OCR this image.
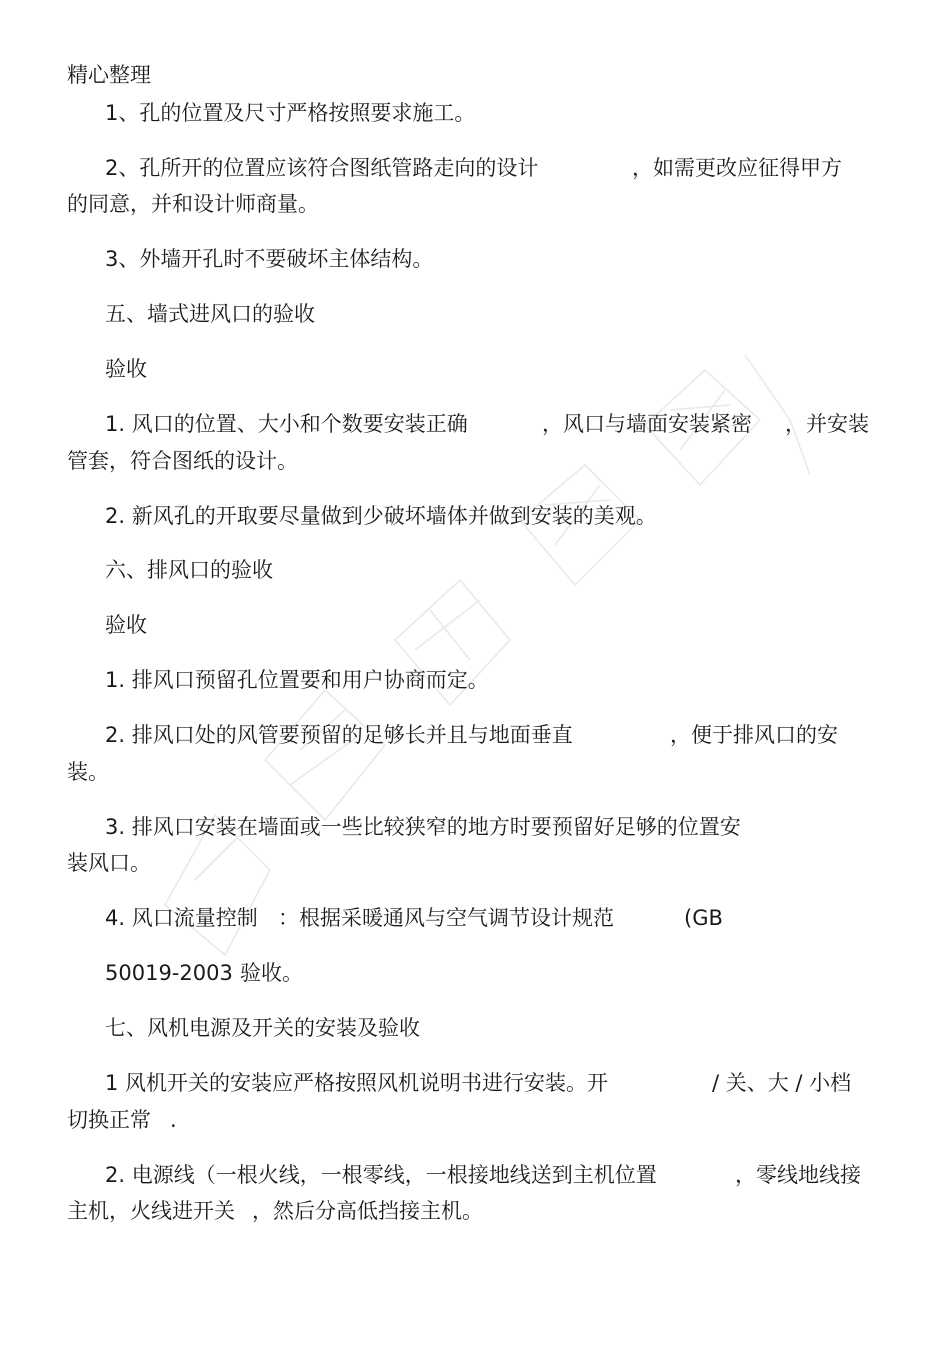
精心整理
1、孔的位置及尺寸严格按照要求施工。
2、孔所开的位置应该符合图纸管路走向的设计	，如需更改应征得甲方
的同意，并和设计师商量。
3、外墙开孔时不要破坏主体结构。
五、墙式进风口的验收
验收
1. 风口的位置、大小和个数要安装正确	，风口与墙面安装紧密 ，并安装
管套，符合图纸的设计。
2. 新风孔的开取要尽量做到少破坏墙体并做到安装的美观。
六、排风口的验收
验收
1. 排风口预留孔位置要和用户协商而定。
2. 排风口处的风管要预留的足够长并且与地面垂直	，便于排风口的安
装。
3. 排风口安装在墙面或一些比较狭窄的地方时要预留好足够的位置安
装风口。
4. 风口流量控制 ：根据采暖通风与空气调节设计规范	(GB
50019-2003 验收。
七、风机电源及开关的安装及验收
1 风机开关的安装应严格按照风机说明书进行安装。开	/ 关、大 / 小档
切换正常 .
2. 电源线（一根火线，一根零线，一根接地线送到主机位置	，零线地线接
主机，火线进开关 ，然后分高低挡接主机。
